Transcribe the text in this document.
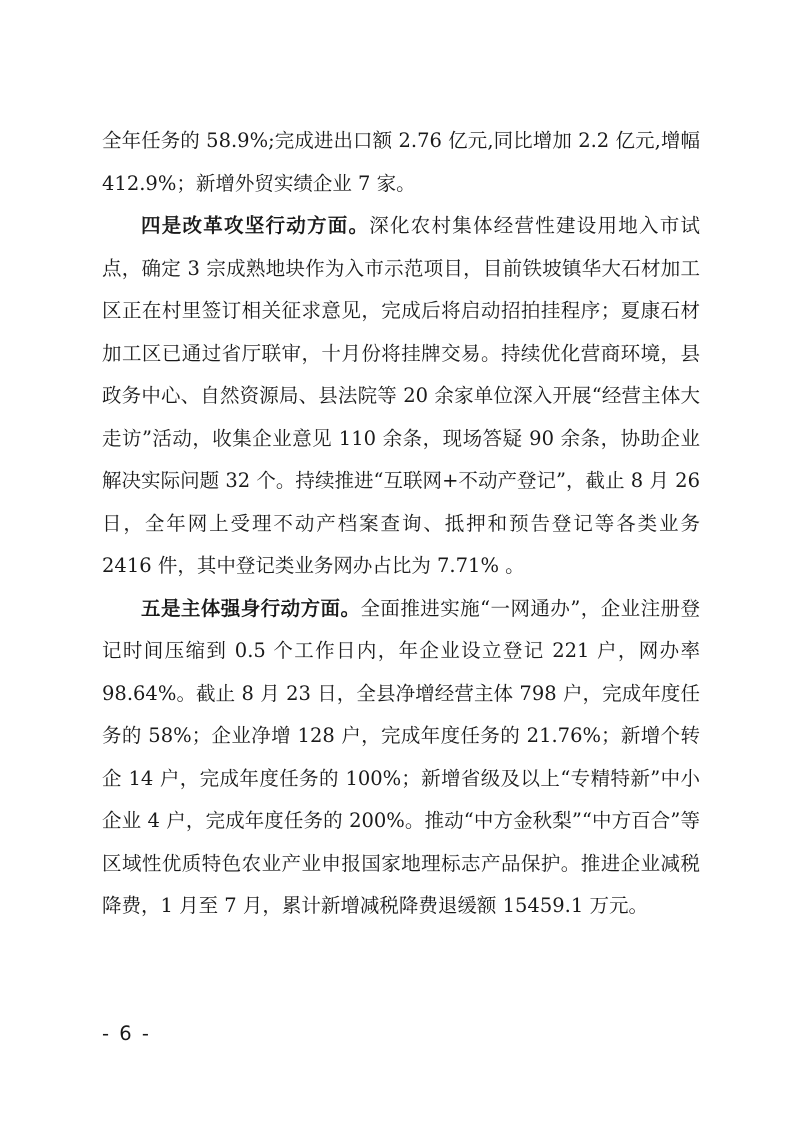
全年任务的 58.9%;完成进出口额 2.76 亿元,同比增加 2.2 亿元,增幅 412.9%；新增外贸实绩企业 7 家。

四是改革攻坚行动方面。深化农村集体经营性建设用地入市试点，确定 3 宗成熟地块作为入市示范项目，目前铁坡镇华大石材加工区正在村里签订相关征求意见，完成后将启动招拍挂程序；夏康石材加工区已通过省厅联审，十月份将挂牌交易。持续优化营商环境，县政务中心、自然资源局、县法院等 20 余家单位深入开展“经营主体大走访”活动，收集企业意见 110 余条，现场答疑 90 余条，协助企业解决实际问题 32 个。持续推进“互联网+不动产登记”，截止 8 月 26 日，全年网上受理不动产档案查询、抵押和预告登记等各类业务 2416 件，其中登记类业务网办占比为 7.71% 。

五是主体强身行动方面。全面推进实施“一网通办”，企业注册登记时间压缩到 0.5 个工作日内，年企业设立登记 221 户，网办率 98.64%。截止 8 月 23 日，全县净增经营主体 798 户，完成年度任务的 58%；企业净增 128 户，完成年度任务的 21.76%；新增个转企 14 户，完成年度任务的 100%；新增省级及以上“专精特新”中小企业 4 户，完成年度任务的 200%。推动“中方金秋梨”“中方百合”等区域性优质特色农业产业申报国家地理标志产品保护。推进企业减税降费，1 月至 7 月，累计新增减税降费退缓额 15459.1 万元。

- 6 -
